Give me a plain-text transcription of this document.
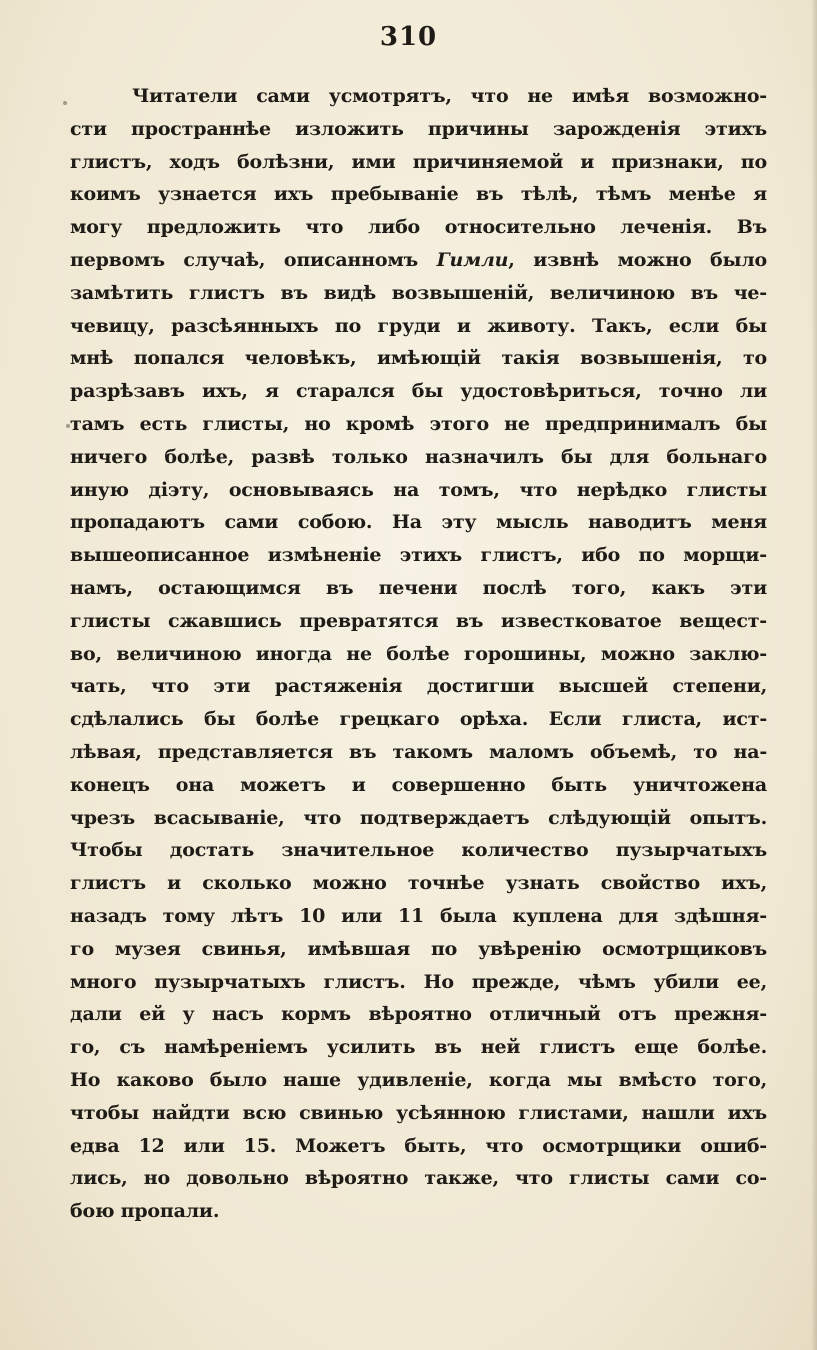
310
Читатели сами усмотрятъ, что не имѣя возможно-
сти пространнѣе изложить причины зарожденія этихъ
глистъ, ходъ болѣзни, ими причиняемой и признаки, по
коимъ узнается ихъ пребываніе въ тѣлѣ, тѣмъ менѣе я
могу предложить что либо относительно леченія. Въ
первомъ случаѣ, описанномъ Гимли, извнѣ можно было
замѣтить глистъ въ видѣ возвышеній, величиною въ че-
чевицу, разсѣянныхъ по груди и животу. Такъ, если бы
мнѣ попался человѣкъ, имѣющій такія возвышенія, то
разрѣзавъ ихъ, я старался бы удостовѣриться, точно ли
тамъ есть глисты, но кромѣ этого не предпринималъ бы
ничего болѣе, развѣ только назначилъ бы для больнаго
иную діэту, основываясь на томъ, что нерѣдко глисты
пропадаютъ сами собою. На эту мысль наводитъ меня
вышеописанное измѣненіе этихъ глистъ, ибо по морщи-
намъ, остающимся въ печени послѣ того, какъ эти
глисты сжавшись превратятся въ известковатое вещест-
во, величиною иногда не болѣе горошины, можно заклю-
чать, что эти растяженія достигши высшей степени,
сдѣлались бы болѣе грецкаго орѣха. Если глиста, ист-
лѣвая, представляется въ такомъ маломъ объемѣ, то на-
конецъ она можетъ и совершенно быть уничтожена
чрезъ всасываніе, что подтверждаетъ слѣдующій опытъ.
Чтобы достать значительное количество пузырчатыхъ
глистъ и сколько можно точнѣе узнать свойство ихъ,
назадъ тому лѣтъ 10 или 11 была куплена для здѣшня-
го музея свинья, имѣвшая по увѣренію осмотрщиковъ
много пузырчатыхъ глистъ. Но прежде, чѣмъ убили ее,
дали ей у насъ кормъ вѣроятно отличный отъ прежня-
го, съ намѣреніемъ усилить въ ней глистъ еще болѣе.
Но каково было наше удивленіе, когда мы вмѣсто того,
чтобы найдти всю свинью усѣянною глистами, нашли ихъ
едва 12 или 15. Можетъ быть, что осмотрщики ошиб-
лись, но довольно вѣроятно также, что глисты сами со-
бою пропали.
